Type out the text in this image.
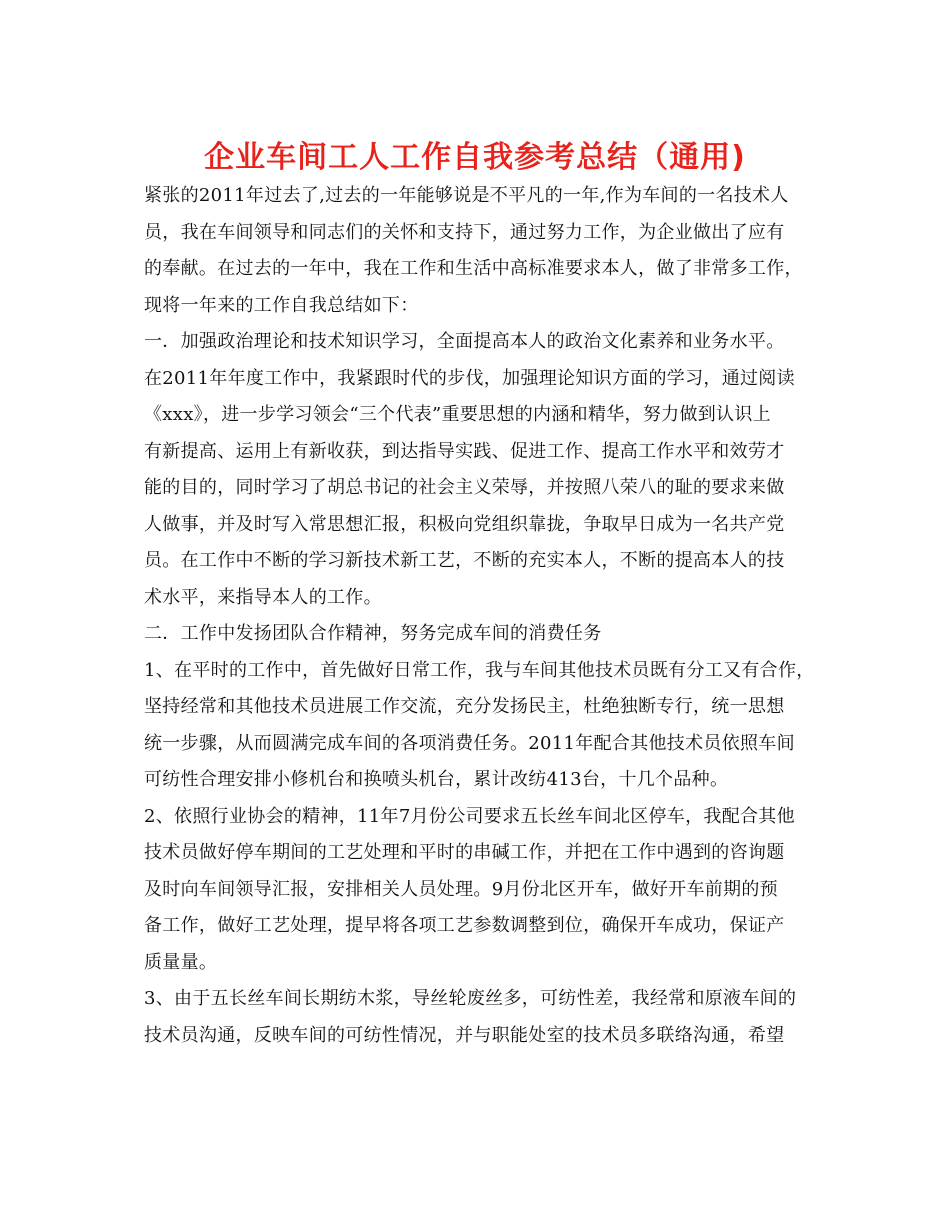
企业车间工人工作自我参考总结（通用)
紧张的2011年过去了,过去的一年能够说是不平凡的一年,作为车间的一名技术人
员，我在车间领导和同志们的关怀和支持下，通过努力工作，为企业做出了应有
的奉献。在过去的一年中，我在工作和生活中高标准要求本人，做了非常多工作，
现将一年来的工作自我总结如下：
一．加强政治理论和技术知识学习，全面提高本人的政治文化素养和业务水平。
在2011年年度工作中，我紧跟时代的步伐，加强理论知识方面的学习，通过阅读
《xxx》，进一步学习领会“三个代表”重要思想的内涵和精华，努力做到认识上
有新提高、运用上有新收获，到达指导实践、促进工作、提高工作水平和效劳才
能的目的，同时学习了胡总书记的社会主义荣辱，并按照八荣八的耻的要求来做
人做事，并及时写入常思想汇报，积极向党组织靠拢，争取早日成为一名共产党
员。在工作中不断的学习新技术新工艺，不断的充实本人，不断的提高本人的技
术水平，来指导本人的工作。
二．工作中发扬团队合作精神，努务完成车间的消费任务
1、在平时的工作中，首先做好日常工作，我与车间其他技术员既有分工又有合作，
坚持经常和其他技术员进展工作交流，充分发扬民主，杜绝独断专行，统一思想
统一步骤，从而圆满完成车间的各项消费任务。2011年配合其他技术员依照车间
可纺性合理安排小修机台和换喷头机台，累计改纺413台，十几个品种。
2、依照行业协会的精神，11年7月份公司要求五长丝车间北区停车，我配合其他
技术员做好停车期间的工艺处理和平时的串碱工作，并把在工作中遇到的咨询题
及时向车间领导汇报，安排相关人员处理。9月份北区开车，做好开车前期的预
备工作，做好工艺处理，提早将各项工艺参数调整到位，确保开车成功，保证产
质量量。
3、由于五长丝车间长期纺木浆，导丝轮废丝多，可纺性差，我经常和原液车间的
技术员沟通，反映车间的可纺性情况，并与职能处室的技术员多联络沟通，希望
